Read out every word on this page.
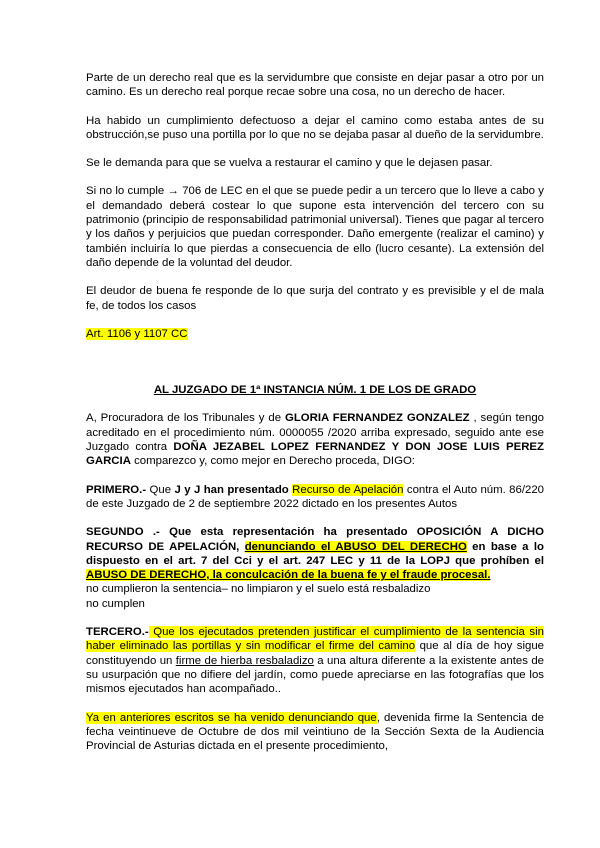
Parte de un derecho real que es la servidumbre que consiste en dejar pasar a otro por un camino. Es un derecho real porque recae sobre una cosa, no un derecho de hacer.

Ha habido un cumplimiento defectuoso a dejar el camino como estaba antes de su obstrucción,se puso una portilla por lo que no se dejaba pasar al dueño de la servidumbre.

Se le demanda para que se vuelva a restaurar el camino y que le dejasen pasar.

Si no lo cumple → 706 de LEC en el que se puede pedir a un tercero que lo lleve a cabo y el demandado deberá costear lo que supone esta intervención del tercero con su patrimonio (principio de responsabilidad patrimonial universal). Tienes que pagar al tercero y los daños y perjuicios que puedan corresponder. Daño emergente (realizar el camino) y también incluiría lo que pierdas a consecuencia de ello (lucro cesante). La extensión del daño depende de la voluntad del deudor.

El deudor de buena fe responde de lo que surja del contrato y es previsible y el de mala fe, de todos los casos

Art. 1106 y 1107 CC

AL JUZGADO DE 1ª INSTANCIA NÚM. 1 DE LOS DE GRADO

A, Procuradora de los Tribunales y de GLORIA FERNANDEZ GONZALEZ , según tengo acreditado en el procedimiento núm. 0000055 /2020 arriba expresado, seguido ante ese Juzgado contra DOÑA JEZABEL LOPEZ FERNANDEZ Y DON JOSE LUIS PEREZ GARCIA comparezco y, como mejor en Derecho proceda, DIGO:

PRIMERO.- Que J y J han presentado Recurso de Apelación contra el Auto núm. 86/220 de este Juzgado de 2 de septiembre 2022 dictado en los presentes Autos

SEGUNDO .- Que esta representación ha presentado OPOSICIÓN A DICHO RECURSO DE APELACIÓN, denunciando el ABUSO DEL DERECHO en base a lo dispuesto en el art. 7 del Cci y el art. 247 LEC y 11 de la LOPJ que prohíben el ABUSO DE DERECHO, la conculcación de la buena fe y el fraude procesal.

no cumplieron la sentencia– no limpiaron y el suelo está resbaladizo

no cumplen

TERCERO.- Que los ejecutados pretenden justificar el cumplimiento de la sentencia sin haber eliminado las portillas y sin modificar el firme del camino que al día de hoy sigue constituyendo un firme de hierba resbaladizo a una altura diferente a la existente antes de su usurpación que no difiere del jardín, como puede apreciarse en las fotografías que los mismos ejecutados han acompañado..

Ya en anteriores escritos se ha venido denunciando que, devenida firme la Sentencia de fecha veintinueve de Octubre de dos mil veintiuno de la Sección Sexta de la Audiencia Provincial de Asturias dictada en el presente procedimiento,
